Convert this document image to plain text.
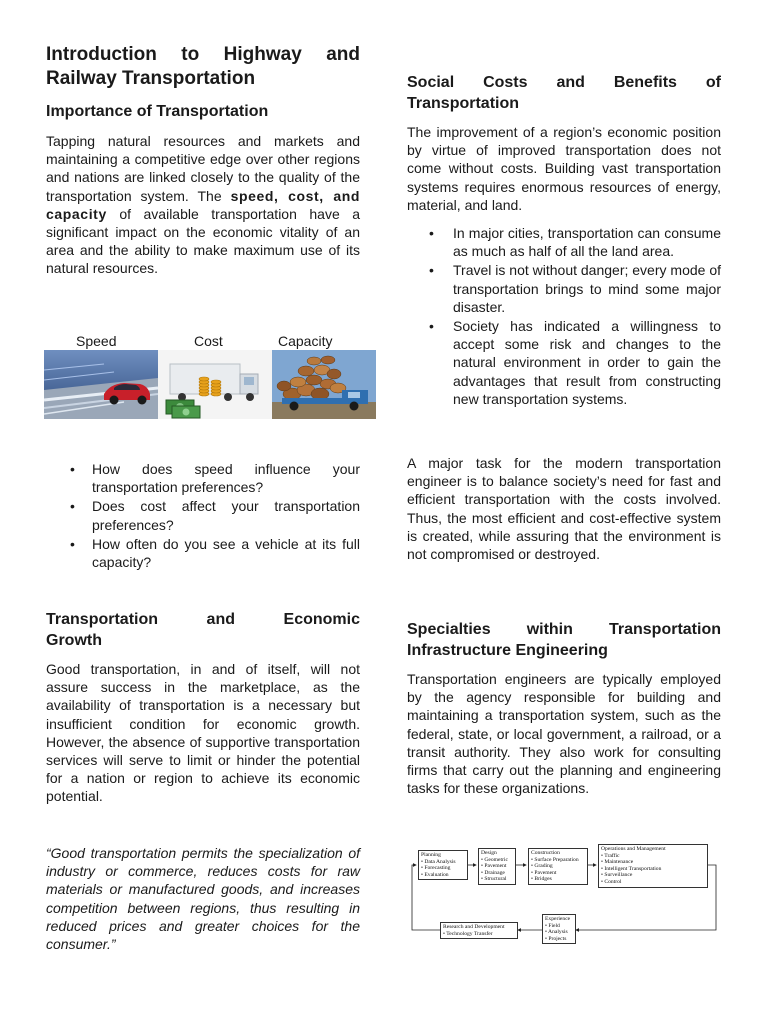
Introduction to Highway and Railway Transportation
Importance of Transportation
Tapping natural resources and markets and maintaining a competitive edge over other regions and nations are linked closely to the quality of the transportation system. The speed, cost, and capacity of available transportation have a significant impact on the economic vitality of an area and the ability to make maximum use of its natural resources.
• How does speed influence your transportation preferences?
• Does cost affect your transportation preferences?
• How often do you see a vehicle at its full capacity?
Transportation and Economic
Growth
Good transportation, in and of itself, will not assure success in the marketplace, as the availability of transportation is a necessary but insufficient condition for economic growth. However, the absence of supportive transportation services will serve to limit or hinder the potential for a nation or region to achieve its economic potential.
“Good transportation permits the specialization of industry or commerce, reduces costs for raw materials or manufactured goods, and increases competition between regions, thus resulting in reduced prices and greater choices for the consumer.”
Speed	Cost	Capacity
Social Costs and Benefits of
Transportation
The improvement of a region’s economic position by virtue of improved transportation does not come without costs. Building vast transportation systems requires enormous resources of energy, material, and land.
• In major cities, transportation can consume as much as half of all the land area.
• Travel is not without danger; every mode of transportation brings to mind some major disaster.
• Society has indicated a willingness to accept some risk and changes to the natural environment in order to gain the advantages that result from constructing new transportation systems.
A major task for the modern transportation engineer is to balance society’s need for fast and efficient transportation with the costs involved. Thus, the most efficient and cost-effective system is created, while assuring that the environment is not compromised or destroyed.
Specialties within Transportation
Infrastructure Engineering
Transportation engineers are typically employed by the agency responsible for building and maintaining a transportation system, such as the federal, state, or local government, a railroad, or a transit authority. They also work for consulting firms that carry out the planning and engineering tasks for these organizations.
Planning
• Data Analysis
• Forecasting
• Evaluation
Design
• Geometric
• Pavement
• Drainage
• Structural
Construction
• Surface Preparation
• Grading
• Pavement
• Bridges
Operations and Management
• Traffic
• Maintenance
• Intelligent Transportation
• Surveillance
• Control
Experience
• Field
• Analysis
• Projects
Research and Development
• Technology Transfer
